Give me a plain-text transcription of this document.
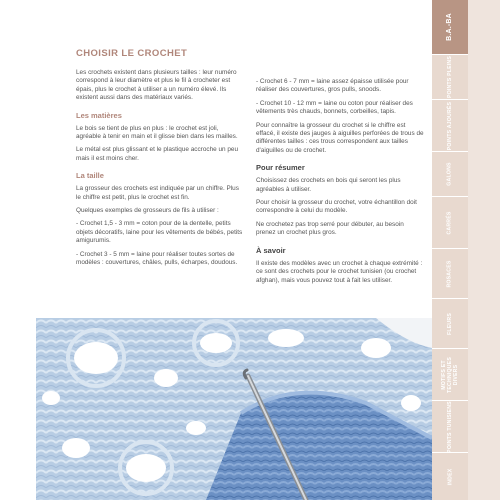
B.A.-BA
POINTS PLEINS
POINTS AJOURÉS
GALONS
CARRÉS
ROSACES
FLEURS
MOTIFS ET TECHNIQUES DIVERS
POINTS TUNISIENS
INDEX
CHOISIR LE CROCHET

Les crochets existent dans plusieurs tailles : leur numéro correspond à leur diamètre et plus le fil à crocheter est épais, plus le crochet à utiliser a un numéro élevé. Ils existent aussi dans des matériaux variés.

Les matières

Le bois se tient de plus en plus : le crochet est joli, agréable à tenir en main et il glisse bien dans les mailles.

Le métal est plus glissant et le plastique accroche un peu mais il est moins cher.

La taille

La grosseur des crochets est indiquée par un chiffre. Plus le chiffre est petit, plus le crochet est fin.

Quelques exemples de grosseurs de fils à utiliser :

- Crochet 1,5 - 3 mm = coton pour de la dentelle, petits objets décoratifs, laine pour les vêtements de bébés, petits amigurumis.

- Crochet 3 - 5 mm = laine pour réaliser toutes sortes de modèles : couvertures, châles, pulls, écharpes, doudous.

- Crochet 6 - 7 mm = laine assez épaisse utilisée pour réaliser des couvertures, gros pulls, snoods.

- Crochet 10 - 12 mm = laine ou coton pour réaliser des vêtements très chauds, bonnets, corbeilles, tapis.

Pour connaître la grosseur du crochet si le chiffre est effacé, il existe des jauges à aiguilles perforées de trous de différentes tailles : ces trous correspondent aux tailles d'aiguilles ou de crochet.

Pour résumer

Choisissez des crochets en bois qui seront les plus agréables à utiliser.

Pour choisir la grosseur du crochet, votre échantillon doit correspondre à celui du modèle.

Ne crochetez pas trop serré pour débuter, au besoin prenez un crochet plus gros.

À savoir

Il existe des modèles avec un crochet à chaque extrémité : ce sont des crochets pour le crochet tunisien (ou crochet afghan), mais vous pouvez tout à fait les utiliser.
